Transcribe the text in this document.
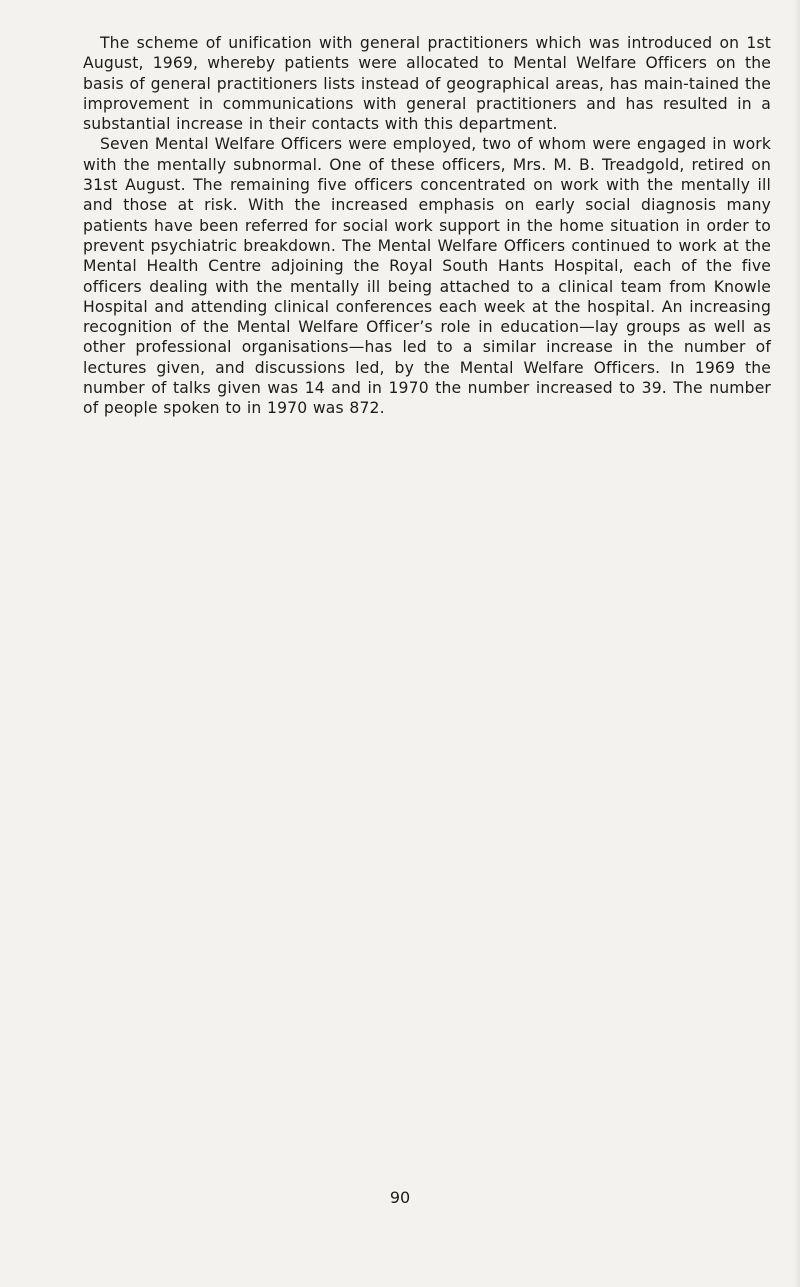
The scheme of unification with general practitioners which was introduced on 1st August, 1969, whereby patients were allocated to Mental Welfare Officers on the basis of general practitioners lists instead of geographical areas, has main-tained the improvement in communications with general practitioners and has resulted in a substantial increase in their contacts with this department.

Seven Mental Welfare Officers were employed, two of whom were engaged in work with the mentally subnormal. One of these officers, Mrs. M. B. Treadgold, retired on 31st August. The remaining five officers concentrated on work with the mentally ill and those at risk. With the increased emphasis on early social diagnosis many patients have been referred for social work support in the home situation in order to prevent psychiatric breakdown. The Mental Welfare Officers continued to work at the Mental Health Centre adjoining the Royal South Hants Hospital, each of the five officers dealing with the mentally ill being attached to a clinical team from Knowle Hospital and attending clinical conferences each week at the hospital. An increasing recognition of the Mental Welfare Officer’s role in education—lay groups as well as other professional organisations—has led to a similar increase in the number of lectures given, and discussions led, by the Mental Welfare Officers. In 1969 the number of talks given was 14 and in 1970 the number increased to 39. The number of people spoken to in 1970 was 872.

90
